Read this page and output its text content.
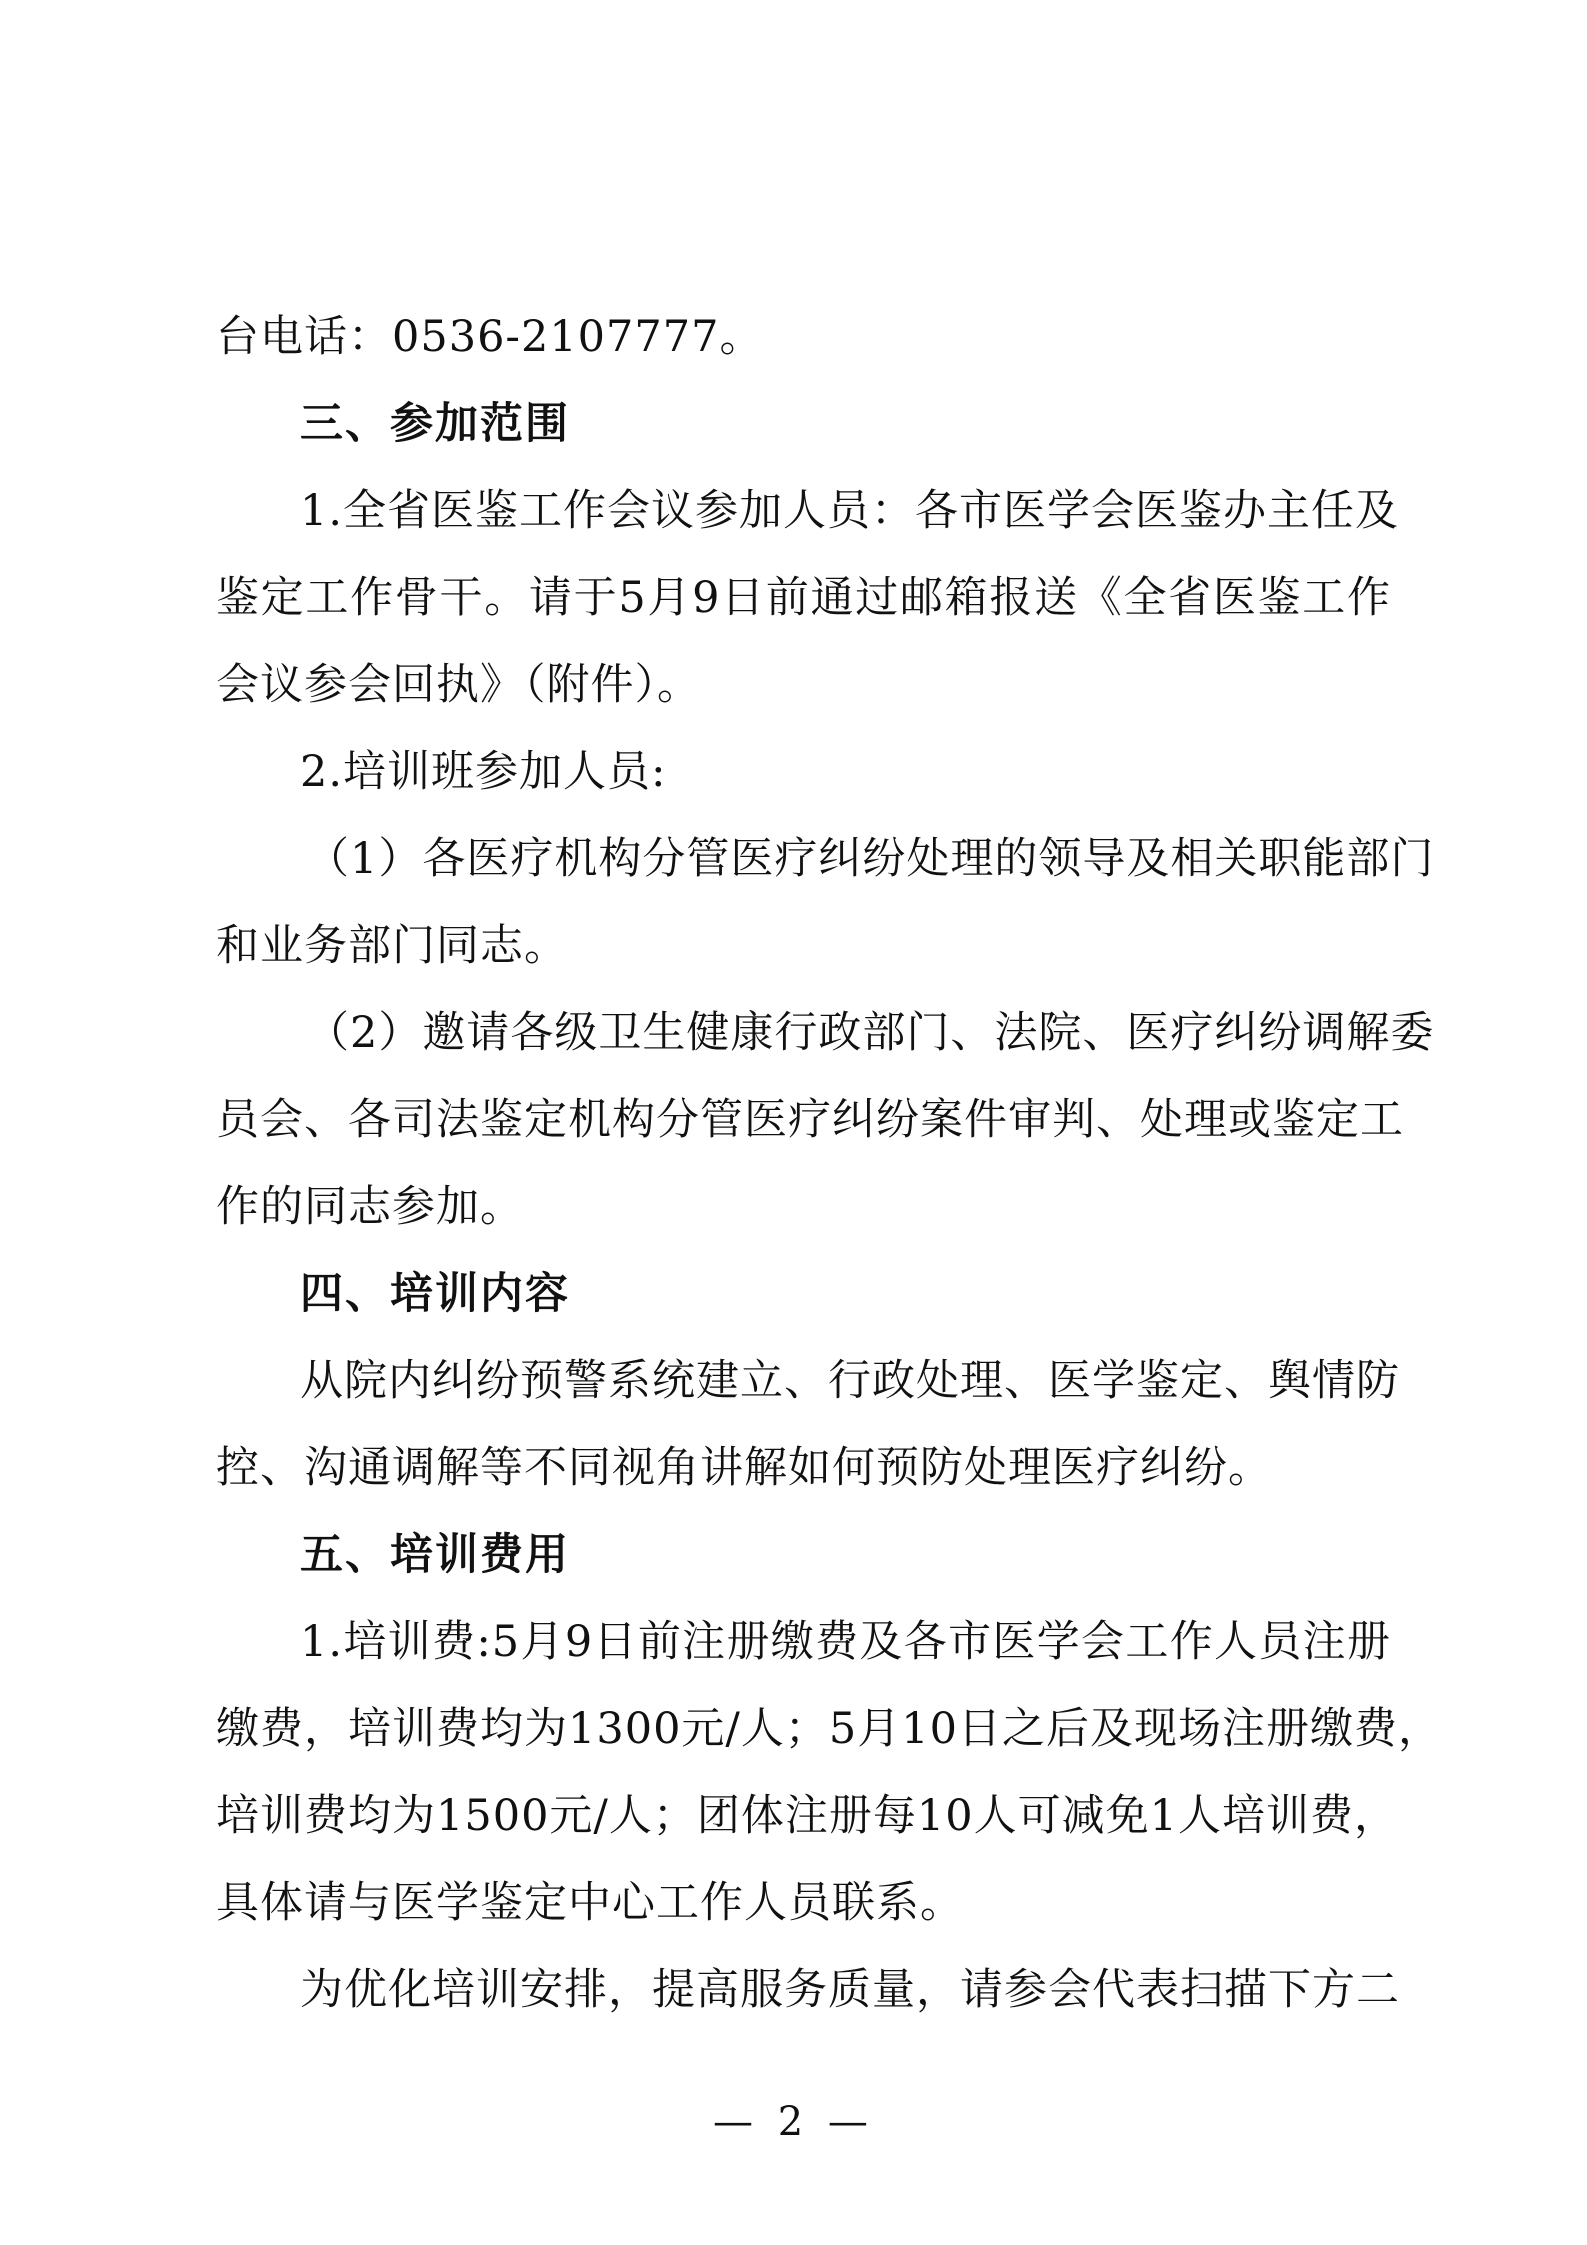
台电话：0536-2107777。
三、参加范围
1.全省医鉴工作会议参加人员：各市医学会医鉴办主任及
鉴定工作骨干。请于5月9日前通过邮箱报送《全省医鉴工作
会议参会回执》（附件）。
2.培训班参加人员:
（1）各医疗机构分管医疗纠纷处理的领导及相关职能部门
和业务部门同志。
（2）邀请各级卫生健康行政部门、法院、医疗纠纷调解委
员会、各司法鉴定机构分管医疗纠纷案件审判、处理或鉴定工
作的同志参加。
四、培训内容
从院内纠纷预警系统建立、行政处理、医学鉴定、舆情防
控、沟通调解等不同视角讲解如何预防处理医疗纠纷。
五、培训费用
1.培训费:5月9日前注册缴费及各市医学会工作人员注册
缴费，培训费均为1300元/人；5月10日之后及现场注册缴费，
培训费均为1500元/人；团体注册每10人可减免1人培训费，
具体请与医学鉴定中心工作人员联系。
为优化培训安排，提高服务质量，请参会代表扫描下方二
— 2 —
